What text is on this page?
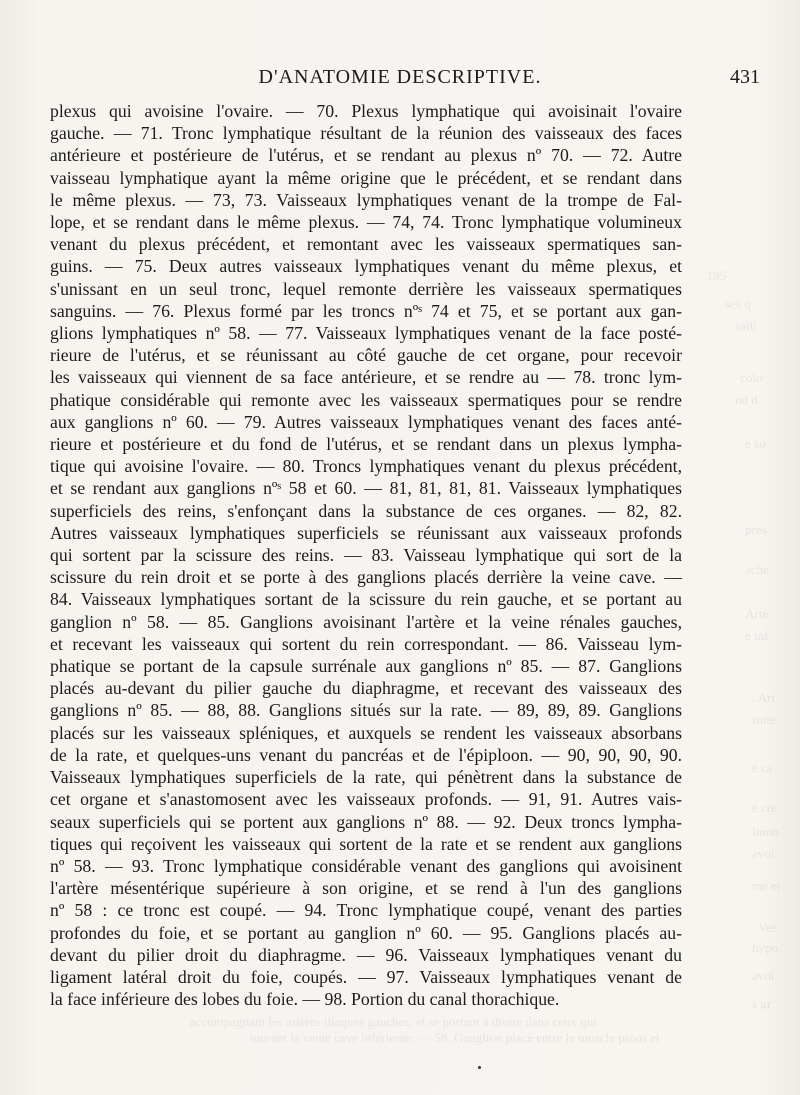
. 195
ses q
saill
colo
nd d
e so
pres
ache.
Artè
e inf
. Art
roite.
e ca
e cre
lmon
avoi
me et
. Vei
hypo
avoi
s gr
accompagnant les artères iliaques gauches, et se portant à droite dans ceux qui
tourent la veine cave inférieure. — 58. Ganglion placé entre le muscle psoas et
D'ANATOMIE DESCRIPTIVE.	431
plexus qui avoisine l'ovaire. — 70. Plexus lymphatique qui avoisinait l'ovaire
gauche. — 71. Tronc lymphatique résultant de la réunion des vaisseaux des faces
antérieure et postérieure de l'utérus, et se rendant au plexus nº 70. — 72. Autre
vaisseau lymphatique ayant la même origine que le précédent, et se rendant dans
le même plexus. — 73, 73. Vaisseaux lymphatiques venant de la trompe de Fal-
lope, et se rendant dans le même plexus. — 74, 74. Tronc lymphatique volumineux
venant du plexus précédent, et remontant avec les vaisseaux spermatiques san-
guins. — 75. Deux autres vaisseaux lymphatiques venant du même plexus, et
s'unissant en un seul tronc, lequel remonte derrière les vaisseaux spermatiques
sanguins. — 76. Plexus formé par les troncs nºˢ 74 et 75, et se portant aux gan-
glions lymphatiques nº 58. — 77. Vaisseaux lymphatiques venant de la face posté-
rieure de l'utérus, et se réunissant au côté gauche de cet organe, pour recevoir
les vaisseaux qui viennent de sa face antérieure, et se rendre au — 78. tronc lym-
phatique considérable qui remonte avec les vaisseaux spermatiques pour se rendre
aux ganglions nº 60. — 79. Autres vaisseaux lymphatiques venant des faces anté-
rieure et postérieure et du fond de l'utérus, et se rendant dans un plexus lympha-
tique qui avoisine l'ovaire. — 80. Troncs lymphatiques venant du plexus précédent,
et se rendant aux ganglions nºˢ 58 et 60. — 81, 81, 81, 81. Vaisseaux lymphatiques
superficiels des reins, s'enfonçant dans la substance de ces organes. — 82, 82.
Autres vaisseaux lymphatiques superficiels se réunissant aux vaisseaux profonds
qui sortent par la scissure des reins. — 83. Vaisseau lymphatique qui sort de la
scissure du rein droit et se porte à des ganglions placés derrière la veine cave. —
84. Vaisseaux lymphatiques sortant de la scissure du rein gauche, et se portant au
ganglion nº 58. — 85. Ganglions avoisinant l'artère et la veine rénales gauches,
et recevant les vaisseaux qui sortent du rein correspondant. — 86. Vaisseau lym-
phatique se portant de la capsule surrénale aux ganglions nº 85. — 87. Ganglions
placés au-devant du pilier gauche du diaphragme, et recevant des vaisseaux des
ganglions nº 85. — 88, 88. Ganglions situés sur la rate. — 89, 89, 89. Ganglions
placés sur les vaisseaux spléniques, et auxquels se rendent les vaisseaux absorbans
de la rate, et quelques-uns venant du pancréas et de l'épiploon. — 90, 90, 90, 90.
Vaisseaux lymphatiques superficiels de la rate, qui pénètrent dans la substance de
cet organe et s'anastomosent avec les vaisseaux profonds. — 91, 91. Autres vais-
seaux superficiels qui se portent aux ganglions nº 88. — 92. Deux troncs lympha-
tiques qui reçoivent les vaisseaux qui sortent de la rate et se rendent aux ganglions
nº 58. — 93. Tronc lymphatique considérable venant des ganglions qui avoisinent
l'artère mésentérique supérieure à son origine, et se rend à l'un des ganglions
nº 58 : ce tronc est coupé. — 94. Tronc lymphatique coupé, venant des parties
profondes du foie, et se portant au ganglion nº 60. — 95. Ganglions placés au-
devant du pilier droit du diaphragme. — 96. Vaisseaux lymphatiques venant du
ligament latéral droit du foie, coupés. — 97. Vaisseaux lymphatiques venant de
la face inférieure des lobes du foie. — 98. Portion du canal thorachique.
